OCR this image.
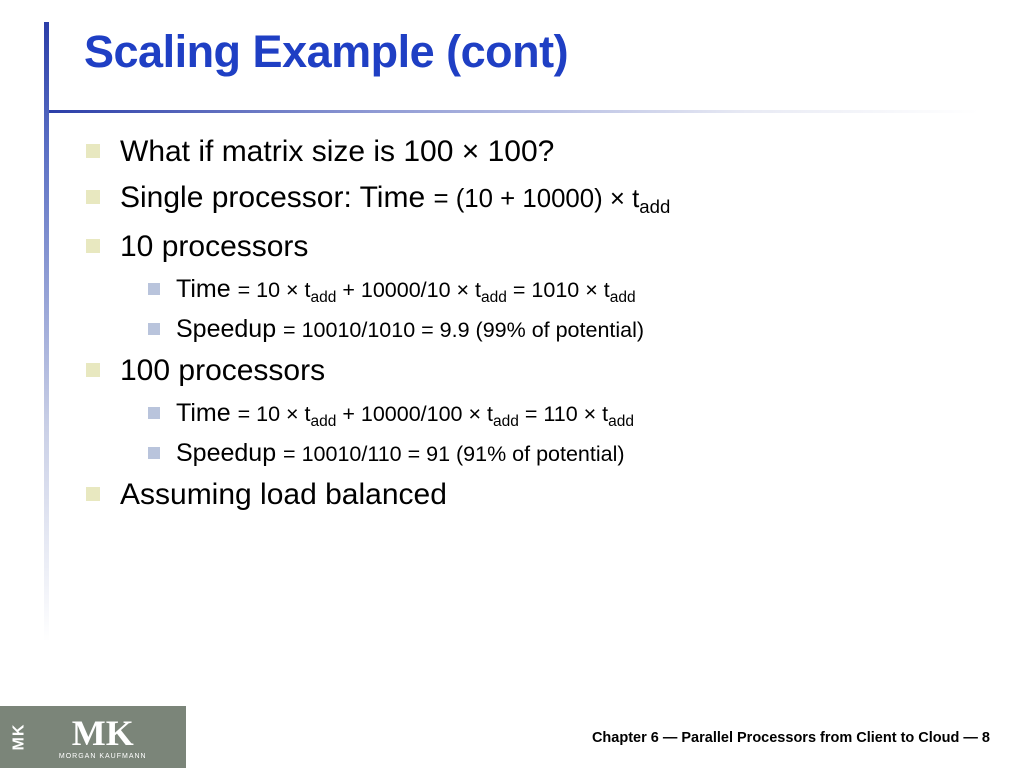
Scaling Example (cont)
What if matrix size is 100 × 100?
Single processor: Time = $(10 + 10000) \times t_{add}$
10 processors
Time = $10 \times t_{add} + 10000/10 \times t_{add} = 1010 \times t_{add}$
Speedup = 10010/1010 = 9.9 (99% of potential)
100 processors
Time = $10 \times t_{add} + 10000/100 \times t_{add} = 110 \times t_{add}$
Speedup = 10010/110 = 91 (91% of potential)
Assuming load balanced
MK MK
MORGAN KAUFMANN
Chapter 6 — Parallel Processors from Client to Cloud — 8
